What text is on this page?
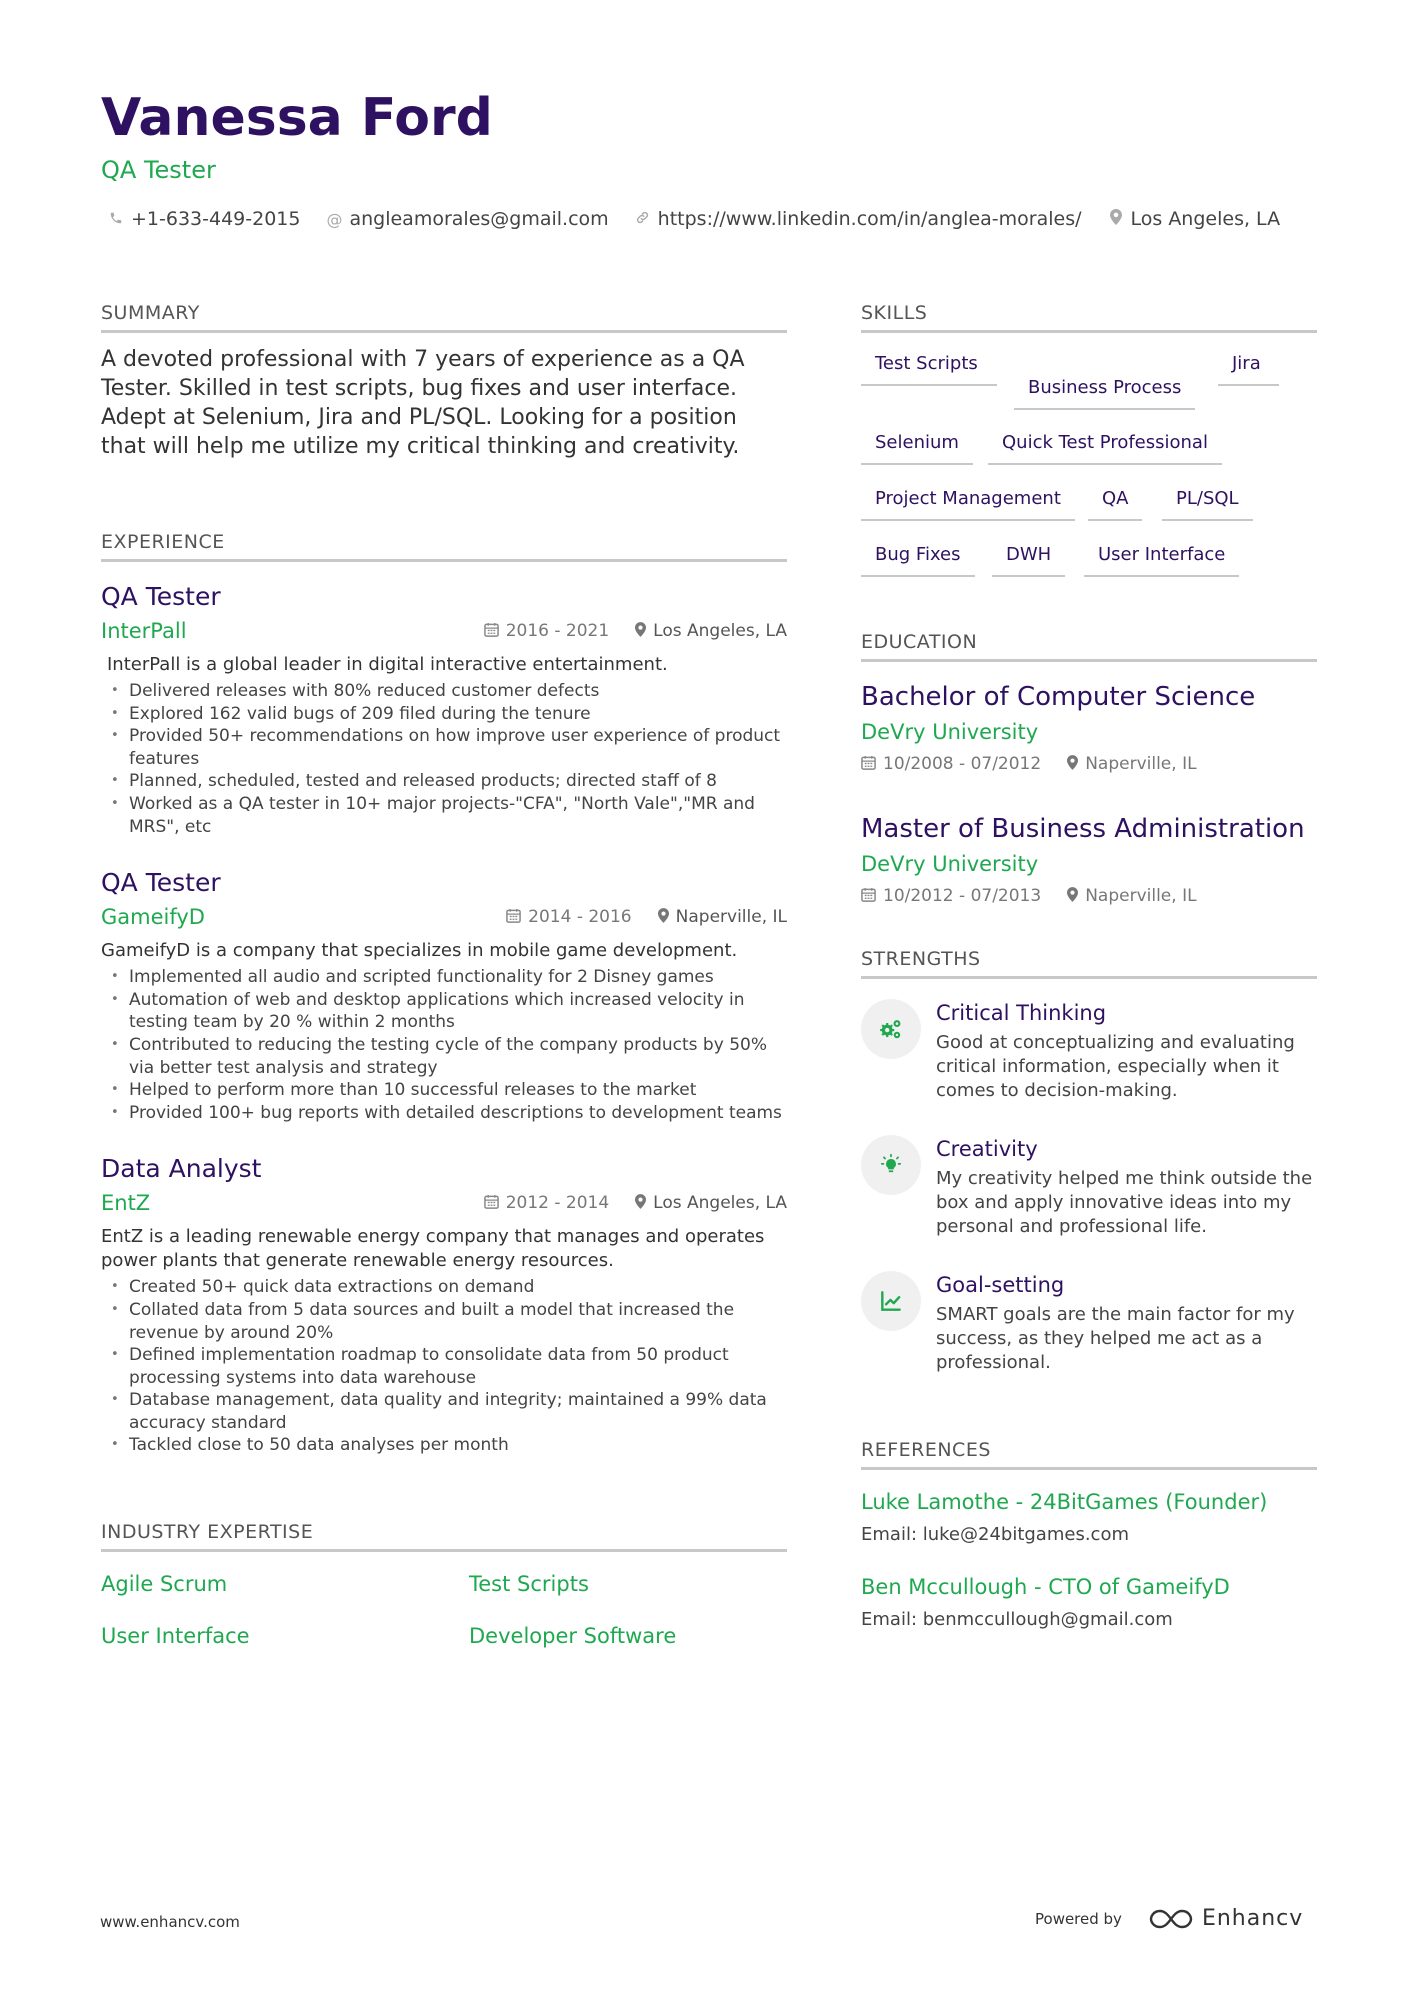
Vanessa Ford
QA Tester
+1-633-449-2015 @ angleamorales@gmail.com	https://www.linkedin.com/in/anglea-morales/	Los Angeles, LA
SUMMARY
A devoted professional with 7 years of experience as a QA Tester. Skilled in test scripts, bug fixes and user interface. Adept at Selenium, Jira and PL/SQL. Looking for a position that will help me utilize my critical thinking and creativity.
EXPERIENCE
QA Tester
InterPall	2016 - 2021	Los Angeles, LA
InterPall is a global leader in digital interactive entertainment.
• Delivered releases with 80% reduced customer defects
• Explored 162 valid bugs of 209 filed during the tenure
• Provided 50+ recommendations on how improve user experience of product features
• Planned, scheduled, tested and released products; directed staff of 8
• Worked as a QA tester in 10+ major projects-"CFA", "North Vale","MR and MRS", etc
QA Tester
GameifyD	2014 - 2016	Naperville, IL
GameifyD is a company that specializes in mobile game development.
• Implemented all audio and scripted functionality for 2 Disney games
• Automation of web and desktop applications which increased velocity in testing team by 20 % within 2 months
• Contributed to reducing the testing cycle of the company products by 50% via better test analysis and strategy
• Helped to perform more than 10 successful releases to the market
• Provided 100+ bug reports with detailed descriptions to development teams
Data Analyst
EntZ	2012 - 2014	Los Angeles, LA
EntZ is a leading renewable energy company that manages and operates power plants that generate renewable energy resources.
• Created 50+ quick data extractions on demand
• Collated data from 5 data sources and built a model that increased the revenue by around 20%
• Defined implementation roadmap to consolidate data from 50 product processing systems into data warehouse
• Database management, data quality and integrity; maintained a 99% data accuracy standard
• Tackled close to 50 data analyses per month
INDUSTRY EXPERTISE
Agile Scrum	Test Scripts
User Interface	Developer Software
SKILLS
Test Scripts
Business Process
Jira
Selenium	Quick Test Professional
Project Management	QA	PL/SQL
Bug Fixes	DWH	User Interface
EDUCATION
Bachelor of Computer Science
DeVry University
10/2008 - 07/2012	Naperville, IL
Master of Business Administration
DeVry University
10/2012 - 07/2013	Naperville, IL
STRENGTHS
Critical Thinking
Good at conceptualizing and evaluating critical information, especially when it comes to decision-making.
Creativity
My creativity helped me think outside the box and apply innovative ideas into my personal and professional life.
Goal-setting
SMART goals are the main factor for my success, as they helped me act as a professional.
REFERENCES
Luke Lamothe - 24BitGames (Founder)
Email: luke@24bitgames.com
Ben Mccullough - CTO of GameifyD
Email: benmccullough@gmail.com
www.enhancv.com	Powered by	Enhancv
